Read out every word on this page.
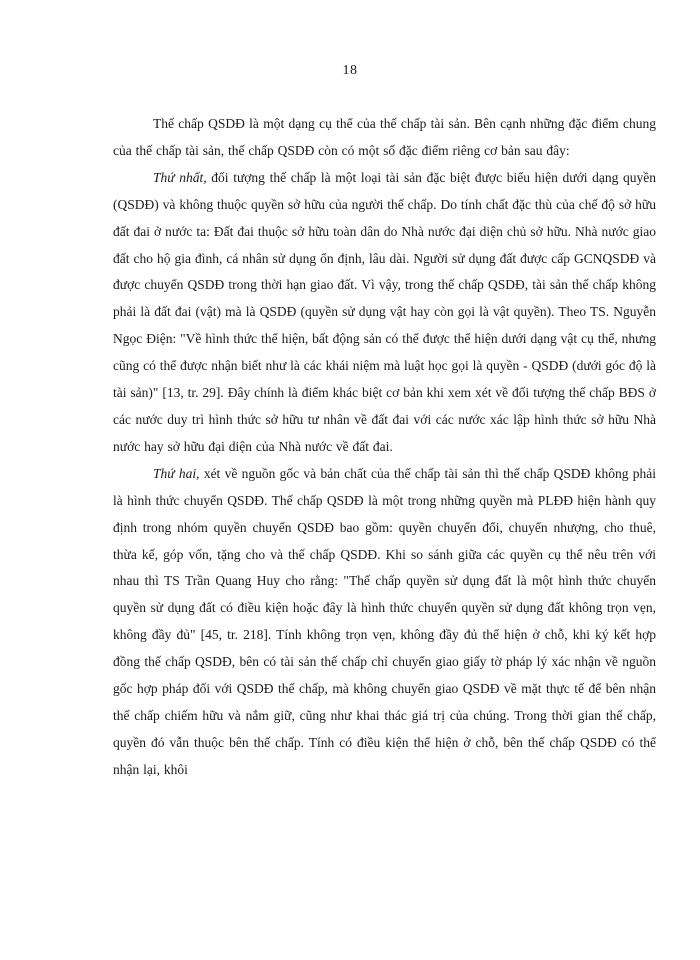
18

Thế chấp QSDĐ là một dạng cụ thể của thế chấp tài sản. Bên cạnh những đặc điểm chung của thế chấp tài sản, thế chấp QSDĐ còn có một số đặc điểm riêng cơ bản sau đây:

Thứ nhất, đối tượng thế chấp là một loại tài sản đặc biệt được biểu hiện dưới dạng quyền (QSDĐ) và không thuộc quyền sở hữu của người thế chấp. Do tính chất đặc thù của chế độ sở hữu đất đai ở nước ta: Đất đai thuộc sở hữu toàn dân do Nhà nước đại diện chủ sở hữu. Nhà nước giao đất cho hộ gia đình, cá nhân sử dụng ổn định, lâu dài. Người sử dụng đất được cấp GCNQSDĐ và được chuyển QSDĐ trong thời hạn giao đất. Vì vậy, trong thế chấp QSDĐ, tài sản thế chấp không phải là đất đai (vật) mà là QSDĐ (quyền sử dụng vật hay còn gọi là vật quyền). Theo TS. Nguyễn Ngọc Điện: "Về hình thức thể hiện, bất động sản có thể được thể hiện dưới dạng vật cụ thể, nhưng cũng có thể được nhận biết như là các khái niệm mà luật học gọi là quyền - QSDĐ (dưới góc độ là tài sản)" [13, tr. 29]. Đây chính là điểm khác biệt cơ bản khi xem xét về đối tượng thế chấp BĐS ở các nước duy trì hình thức sở hữu tư nhân về đất đai với các nước xác lập hình thức sở hữu Nhà nước hay sở hữu đại diện của Nhà nước về đất đai.

Thứ hai, xét về nguồn gốc và bản chất của thế chấp tài sản thì thế chấp QSDĐ không phải là hình thức chuyển QSDĐ. Thế chấp QSDĐ là một trong những quyền mà PLĐĐ hiện hành quy định trong nhóm quyền chuyển QSDĐ bao gồm: quyền chuyển đổi, chuyển nhượng, cho thuê, thừa kế, góp vốn, tặng cho và thế chấp QSDĐ. Khi so sánh giữa các quyền cụ thể nêu trên với nhau thì TS Trần Quang Huy cho rằng: "Thế chấp quyền sử dụng đất là một hình thức chuyển quyền sử dụng đất có điều kiện hoặc đây là hình thức chuyển quyền sử dụng đất không trọn vẹn, không đầy đủ" [45, tr. 218]. Tính không trọn vẹn, không đầy đủ thể hiện ở chỗ, khi ký kết hợp đồng thế chấp QSDĐ, bên có tài sản thế chấp chỉ chuyển giao giấy tờ pháp lý xác nhận về nguồn gốc hợp pháp đối với QSDĐ thế chấp, mà không chuyển giao QSDĐ về mặt thực tế để bên nhận thế chấp chiếm hữu và nắm giữ, cũng như khai thác giá trị của chúng. Trong thời gian thế chấp, quyền đó vẫn thuộc bên thế chấp. Tính có điều kiện thể hiện ở chỗ, bên thế chấp QSDĐ có thể nhận lại, khôi
